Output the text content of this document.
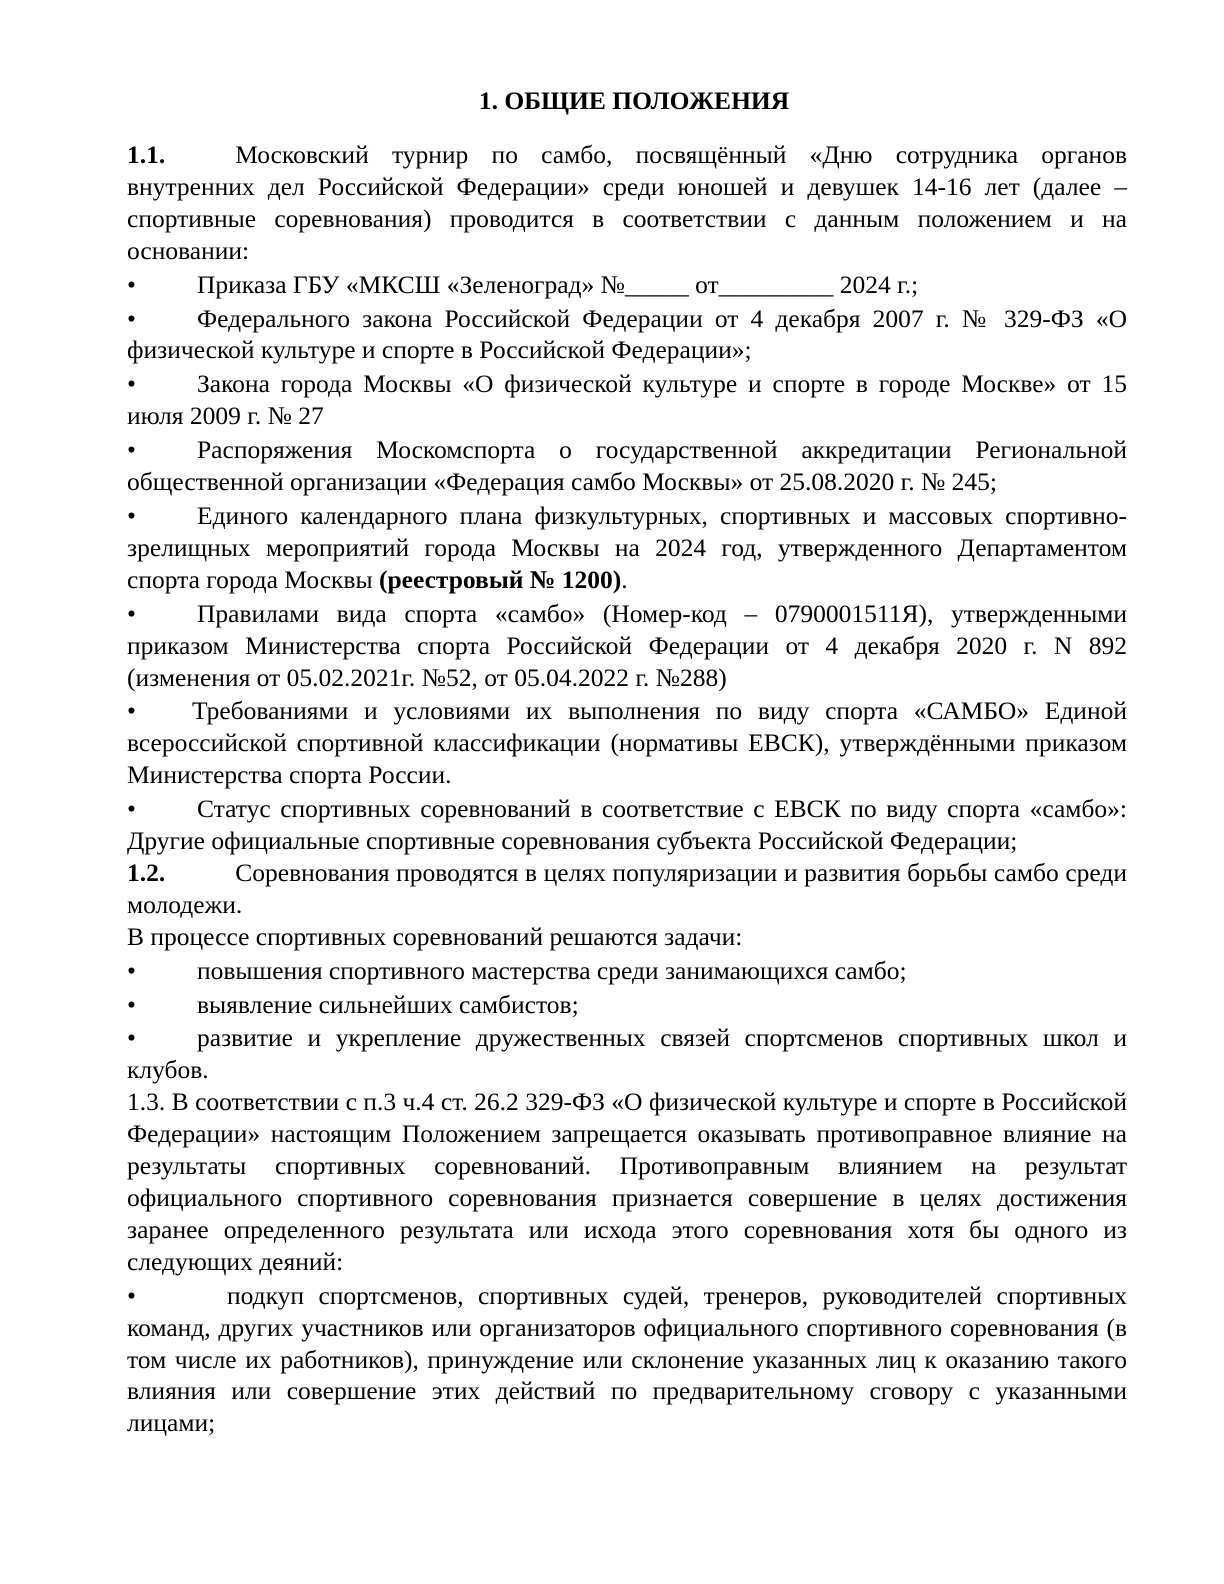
1. ОБЩИЕ ПОЛОЖЕНИЯ

1.1.	Московский турнир по самбо, посвящённый «Дню сотрудника органов внутренних дел Российской Федерации» среди юношей и девушек 14-16 лет (далее – спортивные соревнования) проводится в соответствии с данным положением и на основании:

•	Приказа ГБУ «МКСШ «Зеленоград» №_____ от_________ 2024 г.;

•	Федерального закона Российской Федерации от 4 декабря 2007 г. № 329-ФЗ «О физической культуре и спорте в Российской Федерации»;

•	Закона города Москвы «О физической культуре и спорте в городе Москве» от 15 июля 2009 г. № 27

•	Распоряжения Москомспорта о государственной аккредитации Региональной общественной организации «Федерация самбо Москвы» от 25.08.2020 г. № 245;

•	Единого календарного плана физкультурных, спортивных и массовых спортивно-зрелищных мероприятий города Москвы на 2024 год, утвержденного Департаментом спорта города Москвы (реестровый № 1200).

•	Правилами вида спорта «самбо» (Номер-код – 0790001511Я), утвержденными приказом Министерства спорта Российской Федерации от 4 декабря 2020 г. N 892 (изменения от 05.02.2021г. №52, от 05.04.2022 г. №288)

•	Требованиями и условиями их выполнения по виду спорта «САМБО» Единой всероссийской спортивной классификации (нормативы ЕВСК), утверждёнными приказом Министерства спорта России.

•	Статус спортивных соревнований в соответствие с ЕВСК по виду спорта «самбо»: Другие официальные спортивные соревнования субъекта Российской Федерации;

1.2.	Соревнования проводятся в целях популяризации и развития борьбы самбо среди молодежи.

В процессе спортивных соревнований решаются задачи:

•	повышения спортивного мастерства среди занимающихся самбо;

•	выявление сильнейших самбистов;

•	развитие и укрепление дружественных связей спортсменов спортивных школ и клубов.

1.3. В соответствии с п.3 ч.4 ст. 26.2 329-ФЗ «О физической культуре и спорте в Российской Федерации» настоящим Положением запрещается оказывать противоправное влияние на результаты спортивных соревнований. Противоправным влиянием на результат официального спортивного соревнования признается совершение в целях достижения заранее определенного результата или исхода этого соревнования хотя бы одного из следующих деяний:

•	подкуп спортсменов, спортивных судей, тренеров, руководителей спортивных команд, других участников или организаторов официального спортивного соревнования (в том числе их работников), принуждение или склонение указанных лиц к оказанию такого влияния или совершение этих действий по предварительному сговору с указанными лицами;
